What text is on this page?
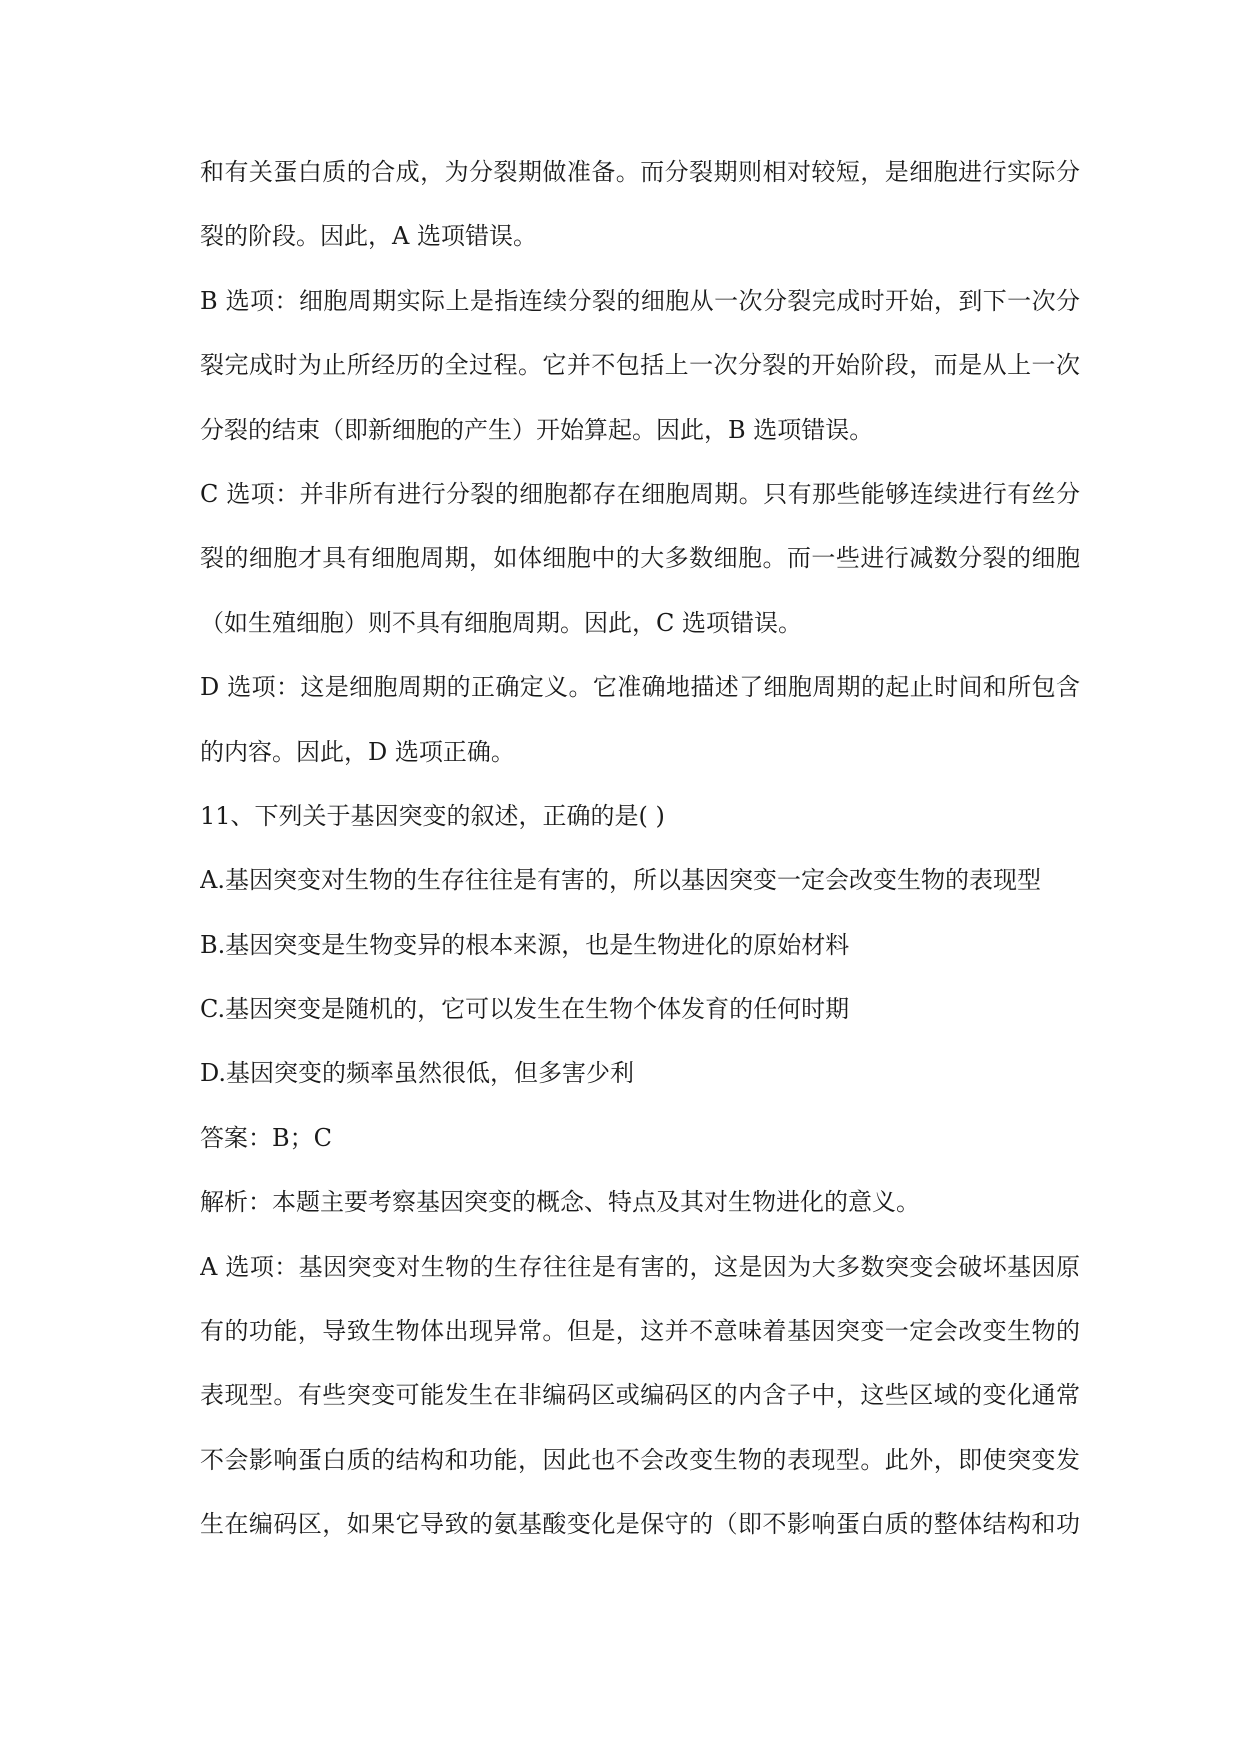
和有关蛋白质的合成，为分裂期做准备。而分裂期则相对较短，是细胞进行实际分
裂的阶段。因此，A 选项错误。
B 选项：细胞周期实际上是指连续分裂的细胞从一次分裂完成时开始，到下一次分
裂完成时为止所经历的全过程。它并不包括上一次分裂的开始阶段，而是从上一次
分裂的结束（即新细胞的产生）开始算起。因此，B 选项错误。
C 选项：并非所有进行分裂的细胞都存在细胞周期。只有那些能够连续进行有丝分
裂的细胞才具有细胞周期，如体细胞中的大多数细胞。而一些进行减数分裂的细胞
（如生殖细胞）则不具有细胞周期。因此，C 选项错误。
D 选项：这是细胞周期的正确定义。它准确地描述了细胞周期的起止时间和所包含
的内容。因此，D 选项正确。
11、下列关于基因突变的叙述，正确的是( )
A.基因突变对生物的生存往往是有害的，所以基因突变一定会改变生物的表现型
B.基因突变是生物变异的根本来源，也是生物进化的原始材料
C.基因突变是随机的，它可以发生在生物个体发育的任何时期
D.基因突变的频率虽然很低，但多害少利
答案：B；C
解析：本题主要考察基因突变的概念、特点及其对生物进化的意义。
A 选项：基因突变对生物的生存往往是有害的，这是因为大多数突变会破坏基因原
有的功能，导致生物体出现异常。但是，这并不意味着基因突变一定会改变生物的
表现型。有些突变可能发生在非编码区或编码区的内含子中，这些区域的变化通常
不会影响蛋白质的结构和功能，因此也不会改变生物的表现型。此外，即使突变发
生在编码区，如果它导致的氨基酸变化是保守的（即不影响蛋白质的整体结构和功
